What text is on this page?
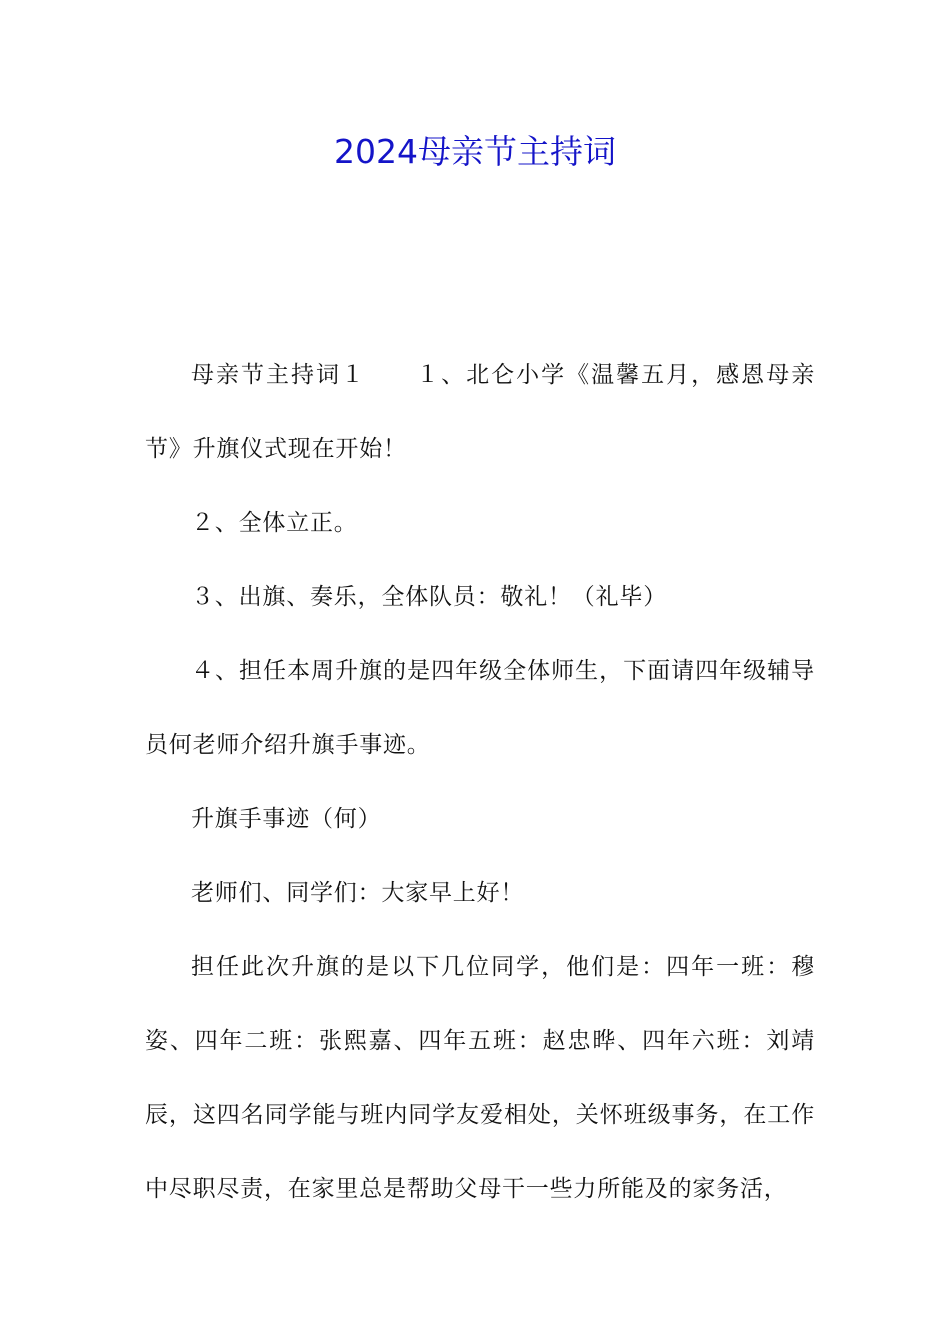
2024母亲节主持词

母亲节主持词１　　１、北仑小学《温馨五月，感恩母亲节》升旗仪式现在开始！

２、全体立正。

３、出旗、奏乐，全体队员：敬礼！（礼毕）

４、担任本周升旗的是四年级全体师生，下面请四年级辅导员何老师介绍升旗手事迹。

升旗手事迹（何）

老师们、同学们：大家早上好！

担任此次升旗的是以下几位同学，他们是：四年一班：穆姿、四年二班：张熙嘉、四年五班：赵忠晔、四年六班：刘靖辰，这四名同学能与班内同学友爱相处，关怀班级事务，在工作中尽职尽责，在家里总是帮助父母干一些力所能及的家务活，
